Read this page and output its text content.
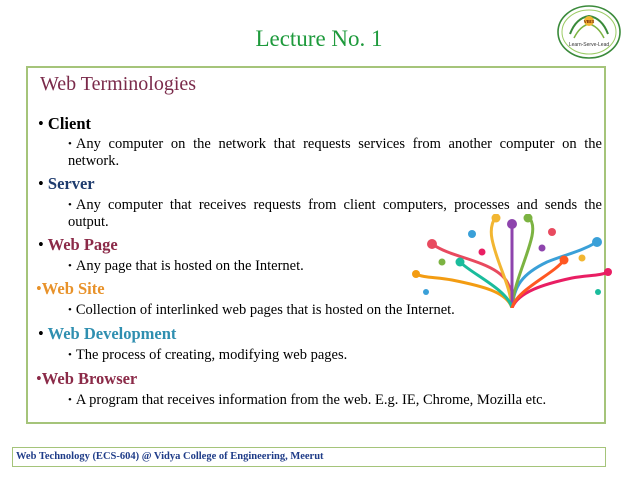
Lecture No. 1
VBIS
Learn-Serve-Lead
Web Terminologies
• Client
• Any computer on the network that requests services from another computer on the network.
• Server
• Any computer that receives requests from client computers, processes and sends the output.
• Web Page
• Any page that is hosted on the Internet.
•Web Site
• Collection of interlinked web pages that is hosted on the Internet.
• Web Development
• The process of creating, modifying web pages.
•Web Browser
• A program that receives information from the web. E.g. IE, Chrome, Mozilla etc.
Web Technology (ECS-604) @ Vidya College of Engineering, Meerut
